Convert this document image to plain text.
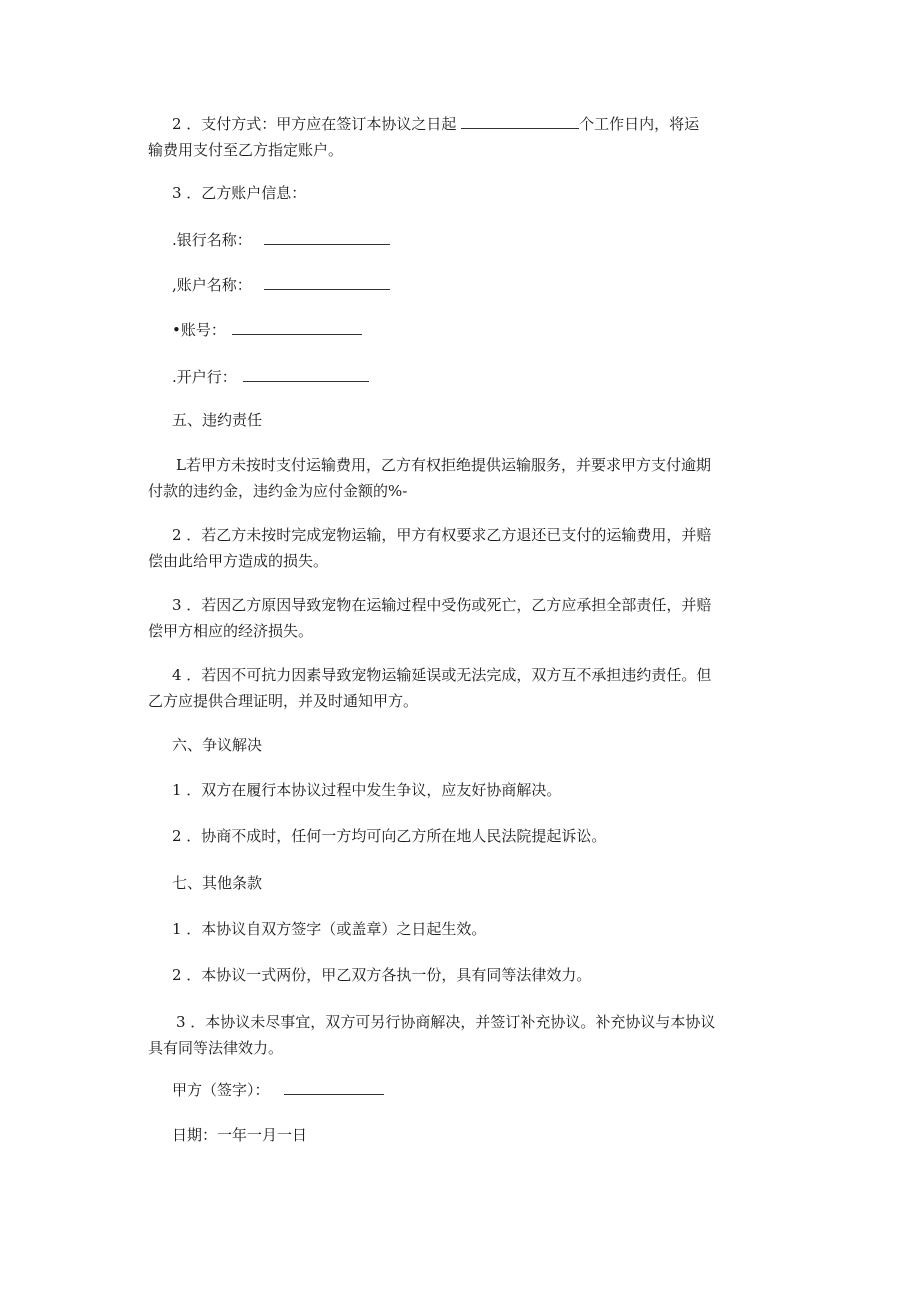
2 ．支付方式：甲方应在签订本协议之日起	个工作日内，将运
输费用支付至乙方指定账户。
3 ．乙方账户信息：
.银行名称：
,账户名称：
•账号：
.开户行：
五、违约责任
L若甲方未按时支付运输费用，乙方有权拒绝提供运输服务，并要求甲方支付逾期
付款的违约金，违约金为应付金额的%-
2 ．若乙方未按时完成宠物运输，甲方有权要求乙方退还已支付的运输费用，并赔
偿由此给甲方造成的损失。
3 ．若因乙方原因导致宠物在运输过程中受伤或死亡，乙方应承担全部责任，并赔
偿甲方相应的经济损失。
4 ．若因不可抗力因素导致宠物运输延误或无法完成，双方互不承担违约责任。但
乙方应提供合理证明，并及时通知甲方。
六、争议解决
1 ．双方在履行本协议过程中发生争议，应友好协商解决。
2 ．协商不成时，任何一方均可向乙方所在地人民法院提起诉讼。
七、其他条款
1 ．本协议自双方签字（或盖章）之日起生效。
2 ．本协议一式两份，甲乙双方各执一份，具有同等法律效力。
3 ．本协议未尽事宜，双方可另行协商解决，并签订补充协议。补充协议与本协议
具有同等法律效力。
甲方（签字）：
日期：一年一月一日
